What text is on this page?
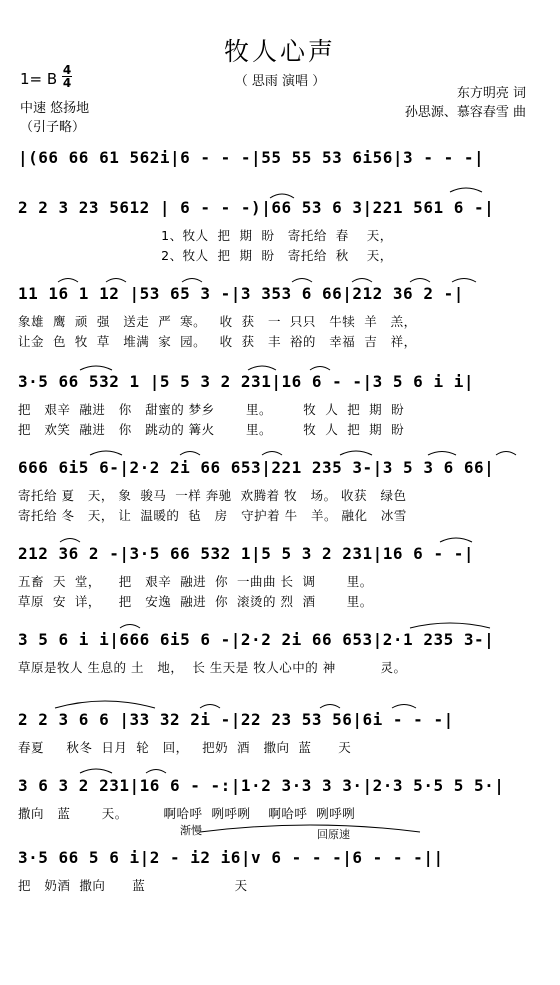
牧人心声
1= B 4
4	（ 思雨 演唱 ）
东方明亮 词
孙思源、慕容春雪 曲
中速 悠扬地
（引子略）
|(66 66 61 562i|6 - - -|55 55 53 6i56|3 - - -|
2 2 3 23 5612 | 6 - - -)|66 53 6 3|221 561 6 -|
1、牧人  把  期  盼   寄托给  春    天，
2、牧人  把  期  盼   寄托给  秋    天，
11 16 1 12 |53 65 3 -|3 353 6 66|212 36 2 -|
象雄  鹰  顽  强   送走  严  寒。   收  获   一  只只   牛犊  羊   羔，
让金  色  牧  草   堆满  家  园。   收  获   丰  裕的   幸福  吉   祥，
3·5 66 532 1 |5 5 3 2 231|16 6 - -|3 5 6 i i|
把   艰辛  融进   你   甜蜜的 梦乡       里。       牧  人  把  期  盼
把   欢笑  融进   你   跳动的 篝火       里。       牧  人  把  期  盼
666 6i5 6-|2·2 2i 66 653|221 235 3-|3 5 3 6 66|
寄托给 夏   天， 象  骏马  一样 奔驰  欢腾着 牧   场。 收获   绿色
寄托给 冬   天， 让  温暖的  毡   房   守护着 牛   羊。 融化   冰雪
212 36 2 -|3·5 66 532 1|5 5 3 2 231|16 6 - -|
五畜  天  堂，    把   艰辛  融进  你  一曲曲 长  调       里。
草原  安  详，    把   安逸  融进  你  滚烫的 烈  酒       里。
3 5 6 i i|666 6i5 6 -|2·2 2i 66 653|2·1 235 3-|
草原是牧人 生息的 土   地，  长 生天是 牧人心中的 神          灵。
2 2 3 6 6 |33 32 2i -|22 23 53 56|6i - - -|
春夏     秋冬  日月  轮   回，   把奶  酒   撒向  蓝      天
3 6 3 2 231|16 6 - -:|1·2 3·3 3 3·|2·3 5·5 5 5·|
撒向   蓝       天。        啊哈呼  咧呼咧    啊哈呼  咧呼咧
3·5 66 5 6 i|2 - i2 i6|v 6 - - -|6 - - -||
把   奶酒  撒向      蓝                    天
渐慢	回原速
